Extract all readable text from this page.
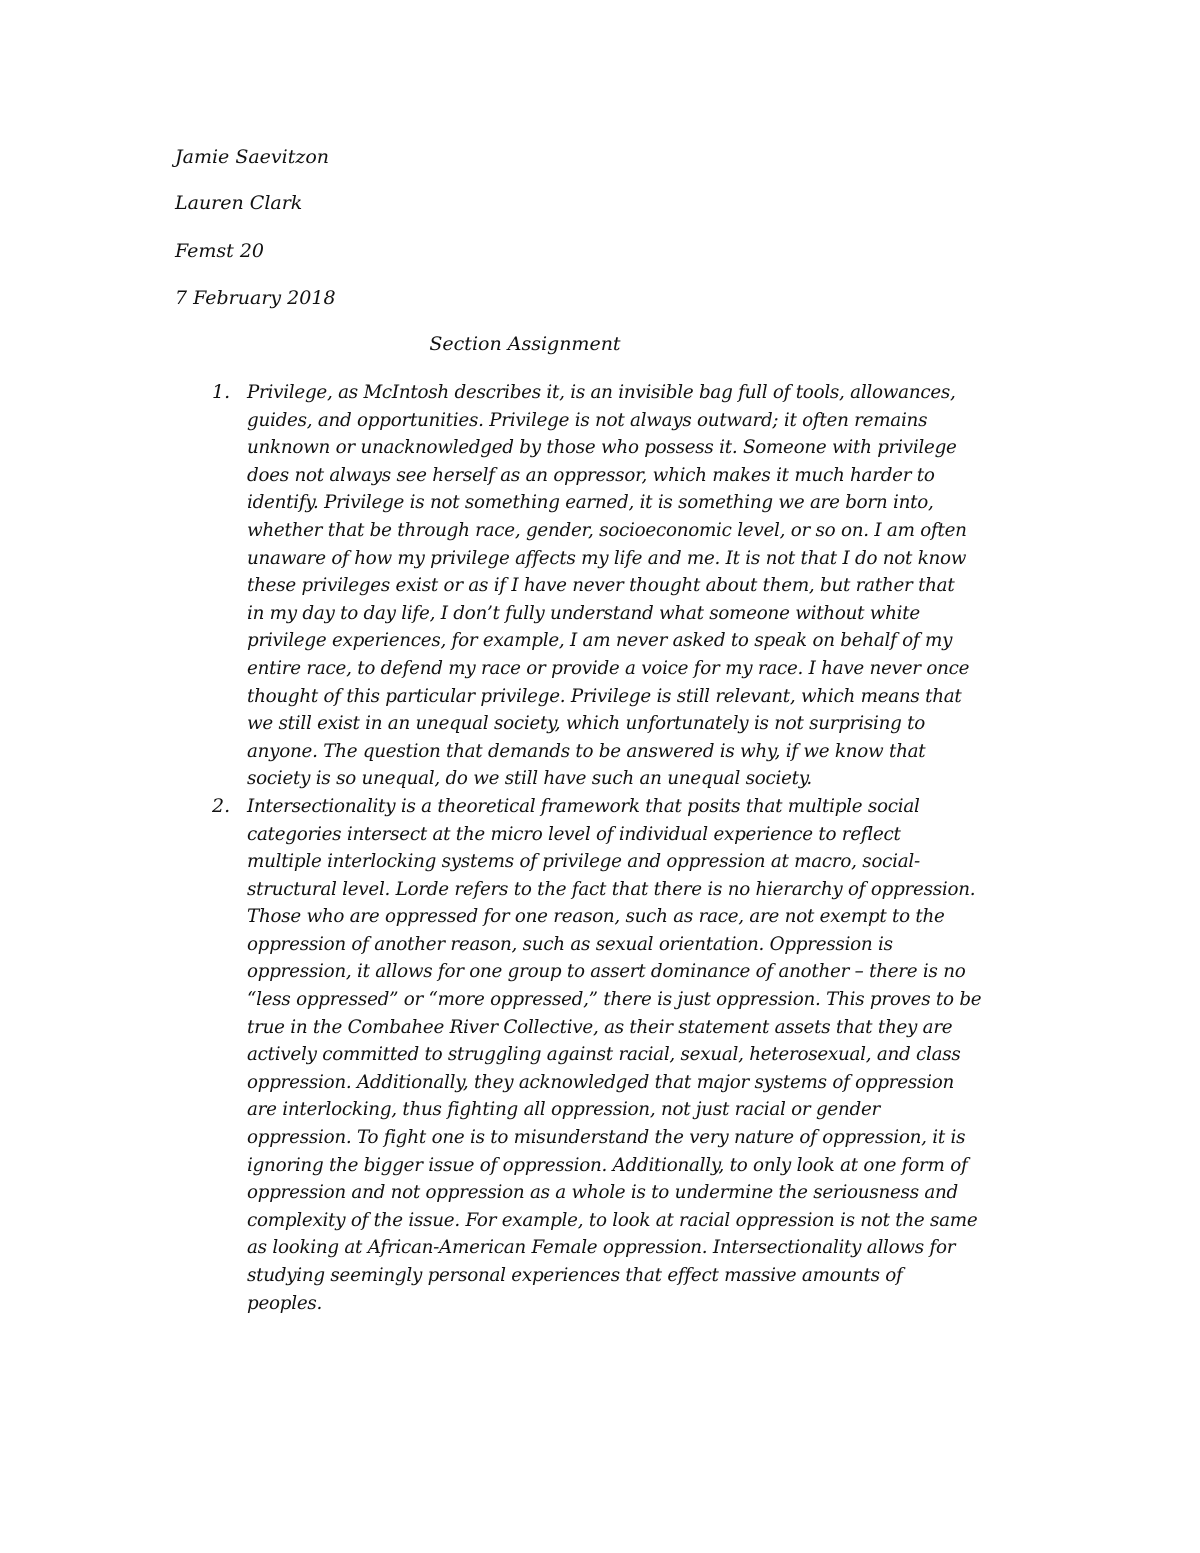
Jamie Saevitzon
Lauren Clark
Femst 20
7 February 2018
Section Assignment
1. Privilege, as McIntosh describes it, is an invisible bag full of tools, allowances,
guides, and opportunities. Privilege is not always outward; it often remains
unknown or unacknowledged by those who possess it. Someone with privilege
does not always see herself as an oppressor, which makes it much harder to
identify. Privilege is not something earned, it is something we are born into,
whether that be through race, gender, socioeconomic level, or so on. I am often
unaware of how my privilege affects my life and me. It is not that I do not know
these privileges exist or as if I have never thought about them, but rather that
in my day to day life, I don’t fully understand what someone without white
privilege experiences, for example, I am never asked to speak on behalf of my
entire race, to defend my race or provide a voice for my race. I have never once
thought of this particular privilege. Privilege is still relevant, which means that
we still exist in an unequal society, which unfortunately is not surprising to
anyone. The question that demands to be answered is why, if we know that
society is so unequal, do we still have such an unequal society.
2. Intersectionality is a theoretical framework that posits that multiple social
categories intersect at the micro level of individual experience to reflect
multiple interlocking systems of privilege and oppression at macro, social-
structural level. Lorde refers to the fact that there is no hierarchy of oppression.
Those who are oppressed for one reason, such as race, are not exempt to the
oppression of another reason, such as sexual orientation. Oppression is
oppression, it allows for one group to assert dominance of another – there is no
“less oppressed” or “more oppressed,” there is just oppression. This proves to be
true in the Combahee River Collective, as their statement assets that they are
actively committed to struggling against racial, sexual, heterosexual, and class
oppression. Additionally, they acknowledged that major systems of oppression
are interlocking, thus fighting all oppression, not just racial or gender
oppression. To fight one is to misunderstand the very nature of oppression, it is
ignoring the bigger issue of oppression. Additionally, to only look at one form of
oppression and not oppression as a whole is to undermine the seriousness and
complexity of the issue. For example, to look at racial oppression is not the same
as looking at African-American Female oppression. Intersectionality allows for
studying seemingly personal experiences that effect massive amounts of
peoples.
